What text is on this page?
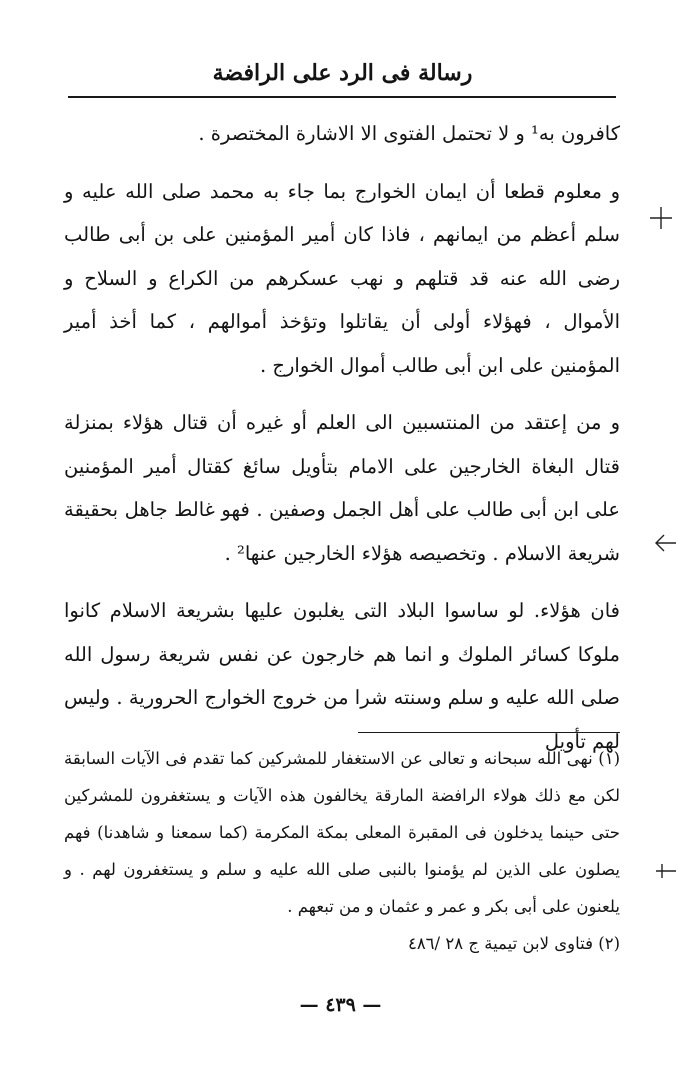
رسالة فى الرد على الرافضة

كافرون به¹ و لا تحتمل الفتوى الا الاشارة المختصرة .

و معلوم قطعا أن ايمان الخوارج بما جاء به محمد صلى الله عليه و سلم أعظم من ايمانهم ، فاذا كان أمير المؤمنين على بن أبى طالب رضى الله عنه قد قتلهم و نهب عسكرهم من الكراع و السلاح و الأموال ، فهؤلاء أولى أن يقاتلوا وتؤخذ أموالهم ، كما أخذ أمير المؤمنين على ابن أبى طالب أموال الخوارج .

و من إعتقد من المنتسبين الى العلم أو غيره أن قتال هؤلاء بمنزلة قتال البغاة الخارجين على الامام بتأويل سائغ كقتال أمير المؤمنين على ابن أبى طالب على أهل الجمل وصفين . فهو غالط جاهل بحقيقة شريعة الاسلام . وتخصيصه هؤلاء الخارجين عنها² .

فان هؤلاء. لو ساسوا البلاد التى يغلبون عليها بشريعة الاسلام كانوا ملوكا كسائر الملوك و انما هم خارجون عن نفس شريعة رسول الله صلى الله عليه و سلم وسنته شرا من خروج الخوارج الحرورية . وليس لهم تأويل

(١) نهى الله سبحانه و تعالى عن الاستغفار للمشركين كما تقدم فى الآيات السابقة لكن مع ذلك هولاء الرافضة المارقة يخالفون هذه الآيات و يستغفرون للمشركين حتى حينما يدخلون فى المقبرة المعلى بمكة المكرمة (كما سمعنا و شاهدنا) فهم يصلون على الذين لم يؤمنوا بالنبى صلى الله عليه و سلم و يستغفرون لهم . و يلعنون على أبى بكر و عمر و عثمان و من تبعهم .

(٢) فتاوى لابن تيمية ج ٢٨ /٤٨٦

— ٤٣٩ —
